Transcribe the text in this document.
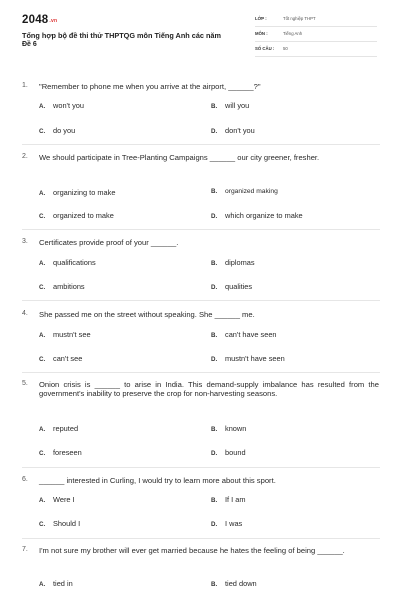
2048.vn
Tổng hợp bộ đề thi thử THPTQG môn Tiếng Anh các năm
Đề 6
LỚP :	Tốt nghiệp THPT
MÔN :	Tiếng Anh
SỐ CÂU : 50
1. "Remember to phone me when you arrive at the airport, ______?"
A. won't you	B. will you
C. do you	D. don't you
2. We should participate in Tree-Planting Campaigns ______ our city greener, fresher.
A. organizing to make	B. organized making
C. organized to make	D. which organize to make
3. Certificates provide proof of your ______.
A. qualifications	B. diplomas
C. ambitions	D. qualities
4. She passed me on the street without speaking. She ______ me.
A. mustn't see	B. can't have seen
C. can't see	D. mustn't have seen
5. Onion crisis is ______ to arise in India. This demand-supply imbalance has resulted from the government's inability to preserve the crop for non-harvesting seasons.
A. reputed	B. known
C. foreseen	D. bound
6. ______ interested in Curling, I would try to learn more about this sport.
A. Were I	B. If I am
C. Should I	D. I was
7. I'm not sure my brother will ever get married because he hates the feeling of being ______.
A. tied in	B. tied down
